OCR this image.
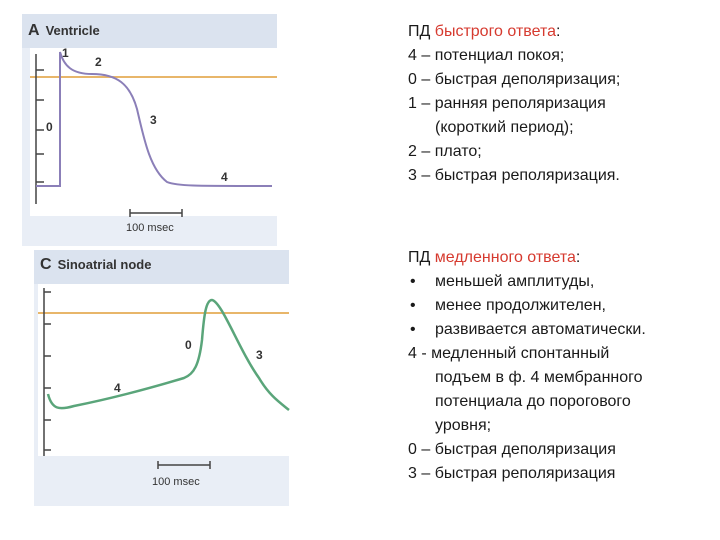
A Ventricle
1
2
0	3
4
100 msec
C Sinoatrial node
0
3
4
100 msec
ПД быстрого ответа:
4 – потенциал покоя;
0 – быстрая деполяризация;
1 – ранняя реполяризация
(короткий период);
2 – плато;
3 – быстрая реполяризация.
ПД медленного ответа:
• меньшей амплитуды,
• менее продолжителен,
• развивается автоматически.
4 - медленный спонтанный
подъем в ф. 4 мембранного
потенциала до порогового
уровня;
0 – быстрая деполяризация
3 – быстрая реполяризация
